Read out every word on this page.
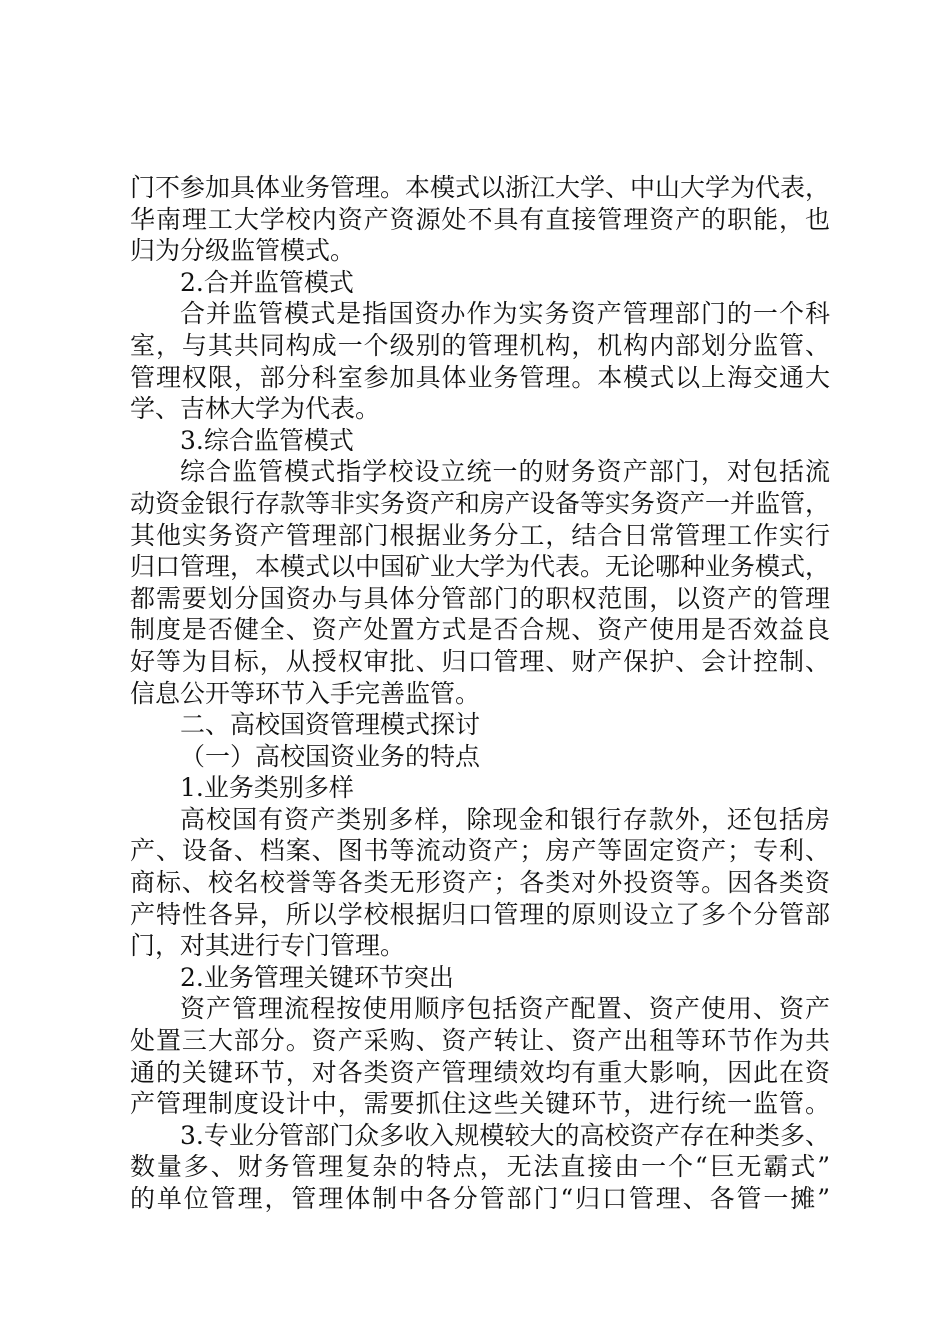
门不参加具体业务管理。本模式以浙江大学、中山大学为代表，
华南理工大学校内资产资源处不具有直接管理资产的职能，也
归为分级监管模式。
2.合并监管模式
合并监管模式是指国资办作为实务资产管理部门的一个科
室，与其共同构成一个级别的管理机构，机构内部划分监管、
管理权限，部分科室参加具体业务管理。本模式以上海交通大
学、吉林大学为代表。
3.综合监管模式
综合监管模式指学校设立统一的财务资产部门，对包括流
动资金银行存款等非实务资产和房产设备等实务资产一并监管，
其他实务资产管理部门根据业务分工，结合日常管理工作实行
归口管理，本模式以中国矿业大学为代表。无论哪种业务模式，
都需要划分国资办与具体分管部门的职权范围，以资产的管理
制度是否健全、资产处置方式是否合规、资产使用是否效益良
好等为目标，从授权审批、归口管理、财产保护、会计控制、
信息公开等环节入手完善监管。
二、高校国资管理模式探讨
（一）高校国资业务的特点
1.业务类别多样
高校国有资产类别多样，除现金和银行存款外，还包括房
产、设备、档案、图书等流动资产；房产等固定资产；专利、
商标、校名校誉等各类无形资产；各类对外投资等。因各类资
产特性各异，所以学校根据归口管理的原则设立了多个分管部
门，对其进行专门管理。
2.业务管理关键环节突出
资产管理流程按使用顺序包括资产配置、资产使用、资产
处置三大部分。资产采购、资产转让、资产出租等环节作为共
通的关键环节，对各类资产管理绩效均有重大影响，因此在资
产管理制度设计中，需要抓住这些关键环节，进行统一监管。
3.专业分管部门众多收入规模较大的高校资产存在种类多、
数量多、财务管理复杂的特点，无法直接由一个“巨无霸式”
的单位管理，管理体制中各分管部门“归口管理、各管一摊”
